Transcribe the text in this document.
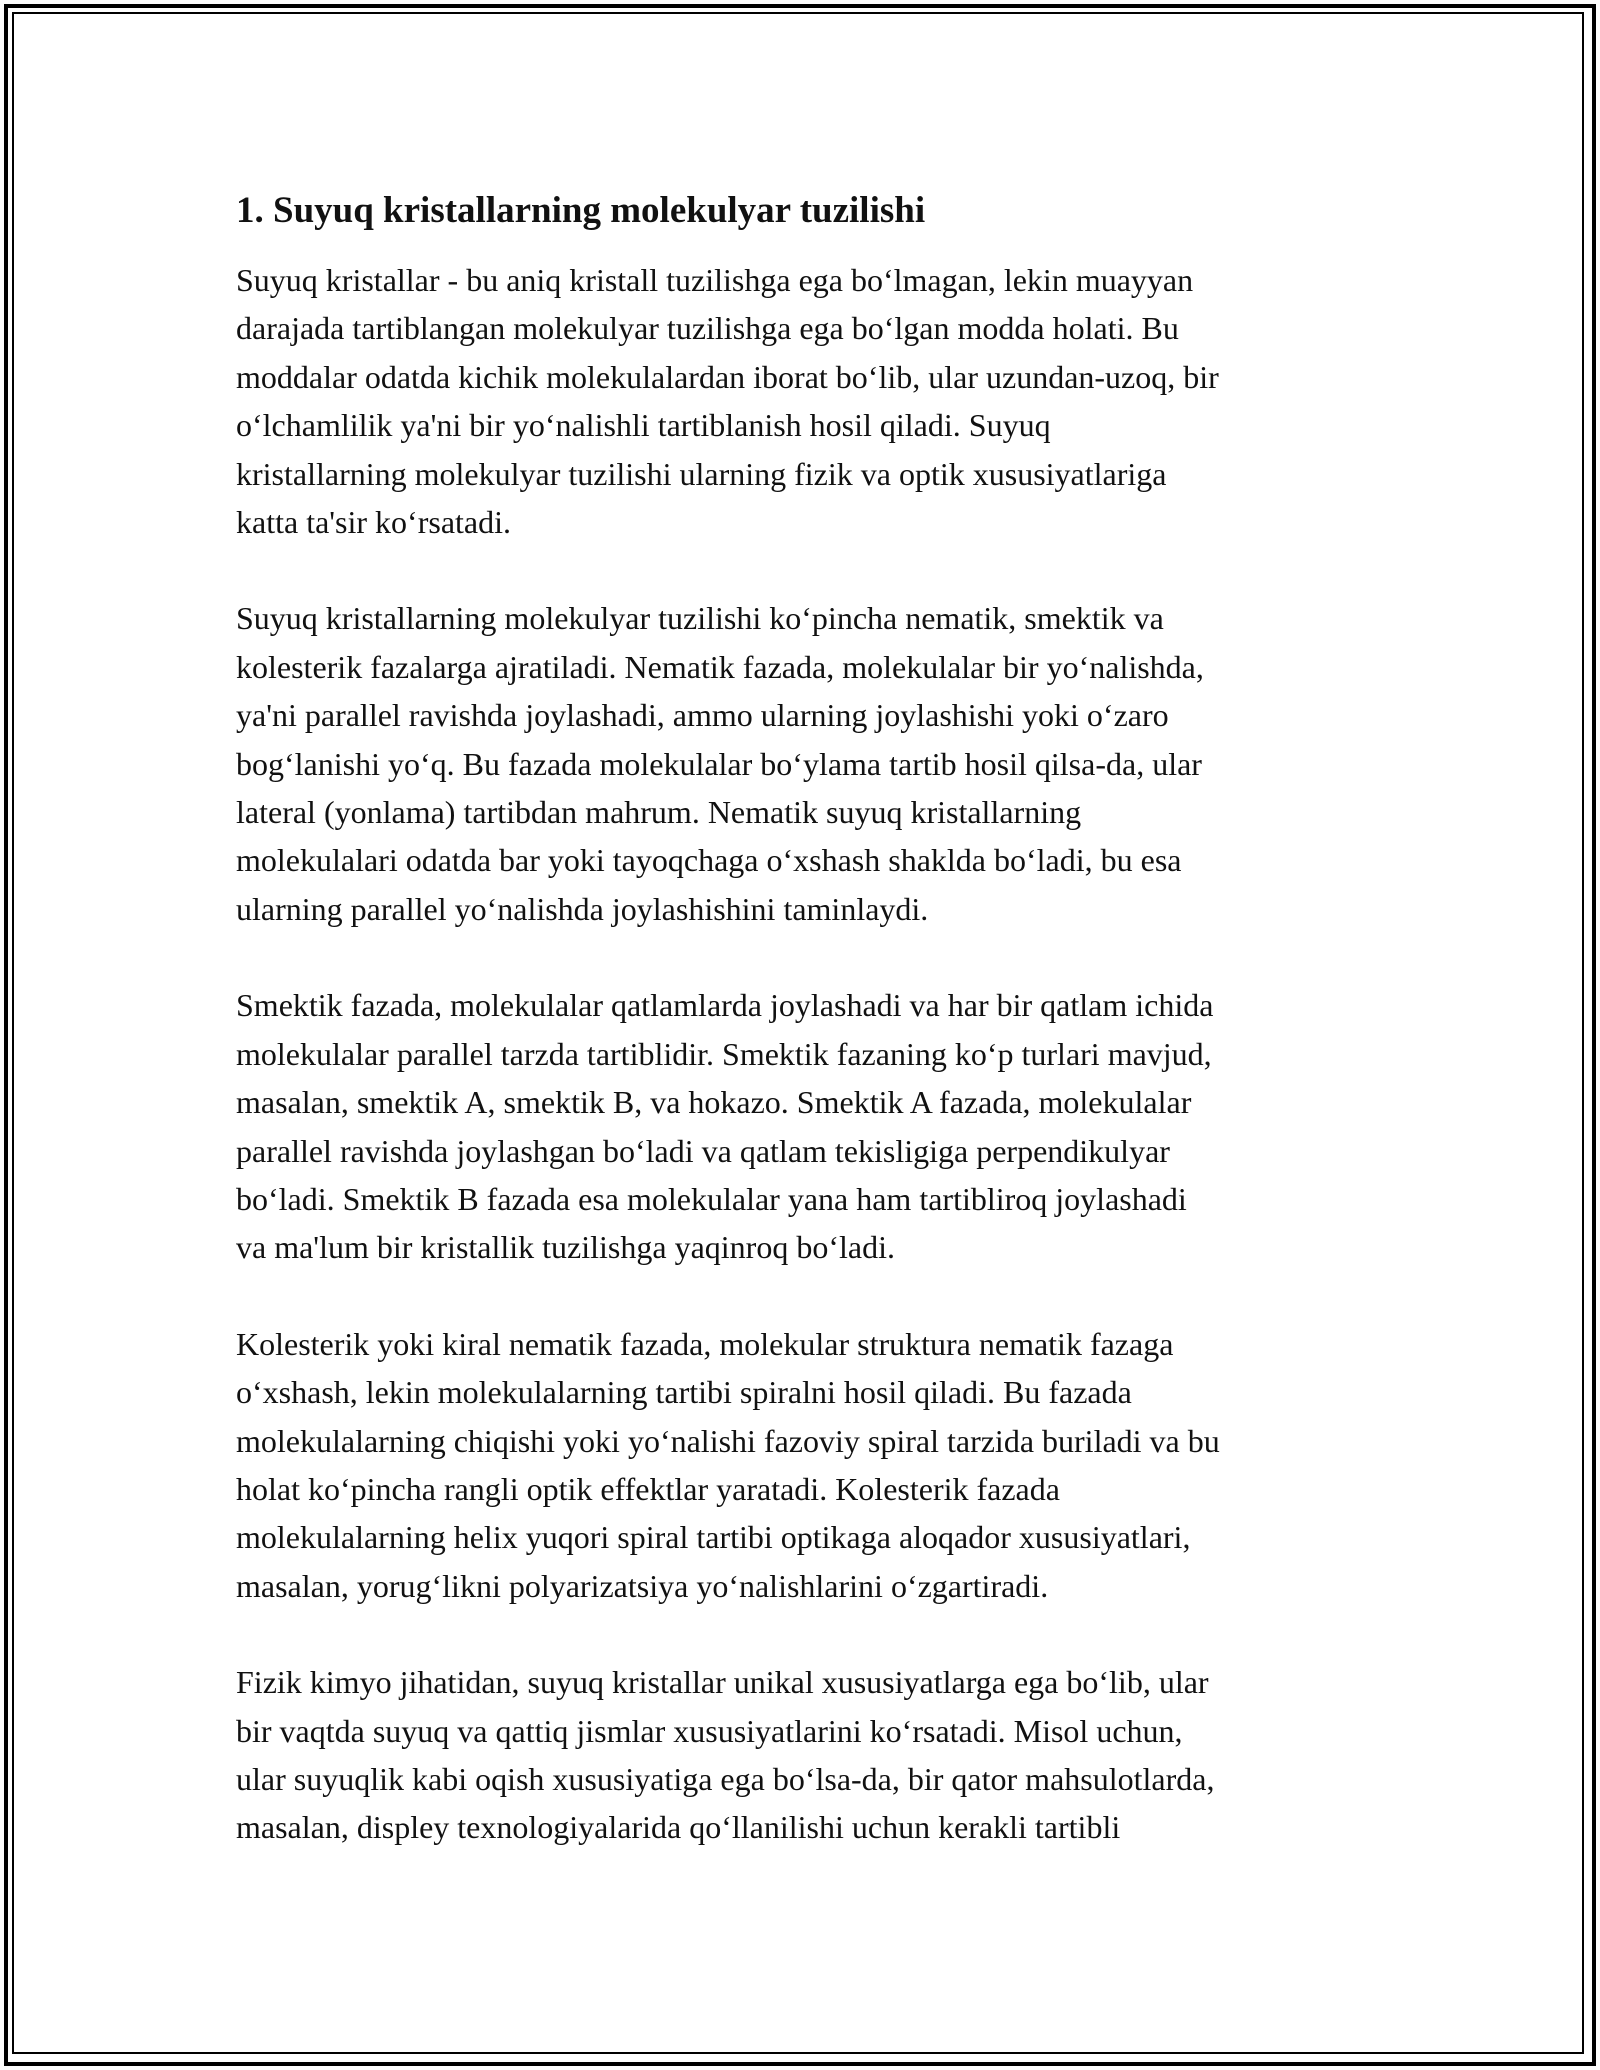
1. Suyuq kristallarning molekulyar tuzilishi

Suyuq kristallar - bu aniq kristall tuzilishga ega boʻlmagan, lekin muayyan
darajada tartiblangan molekulyar tuzilishga ega boʻlgan modda holati. Bu
moddalar odatda kichik molekulalardan iborat boʻlib, ular uzundan-uzoq, bir
oʻlchamlilik ya'ni bir yoʻnalishli tartiblanish hosil qiladi. Suyuq
kristallarning molekulyar tuzilishi ularning fizik va optik xususiyatlariga
katta ta'sir koʻrsatadi.

Suyuq kristallarning molekulyar tuzilishi koʻpincha nematik, smektik va
kolesterik fazalarga ajratiladi. Nematik fazada, molekulalar bir yoʻnalishda,
ya'ni parallel ravishda joylashadi, ammo ularning joylashishi yoki oʻzaro
bogʻlanishi yoʻq. Bu fazada molekulalar boʻylama tartib hosil qilsa-da, ular
lateral (yonlama) tartibdan mahrum. Nematik suyuq kristallarning
molekulalari odatda bar yoki tayoqchaga oʻxshash shakldа boʻladi, bu esa
ularning parallel yoʻnalishda joylashishini taminlaydi.

Smektik fazada, molekulalar qatlamlarda joylashadi va har bir qatlam ichida
molekulalar parallel tarzda tartiblidir. Smektik fazaning koʻp turlari mavjud,
masalan, smektik A, smektik B, va hokazo. Smektik A fazada, molekulalar
parallel ravishda joylashgan boʻladi va qatlam tekisligiga perpendikulyar
boʻladi. Smektik B fazada esa molekulalar yana ham tartibliroq joylashadi
va ma'lum bir kristallik tuzilishga yaqinroq boʻladi.

Kolesterik yoki kiral nematik fazada, molekular struktura nematik fazaga
oʻxshash, lekin molekulalarning tartibi spiralni hosil qiladi. Bu fazada
molekulalarning chiqishi yoki yoʻnalishi fazoviy spiral tarzida buriladi va bu
holat koʻpincha rangli optik effektlar yaratadi. Kolesterik fazada
molekulalarning helix yuqori spiral tartibi optikaga aloqador xususiyatlari,
masalan, yorugʻlikni polyarizatsiya yoʻnalishlarini oʻzgartiradi.

Fizik kimyo jihatidan, suyuq kristallar unikal xususiyatlarga ega boʻlib, ular
bir vaqtda suyuq va qattiq jismlar xususiyatlarini koʻrsatadi. Misol uchun,
ular suyuqlik kabi oqish xususiyatiga ega boʻlsa-da, bir qator mahsulotlarda,
masalan, displey texnologiyalarida qoʻllanilishi uchun kerakli tartibli
